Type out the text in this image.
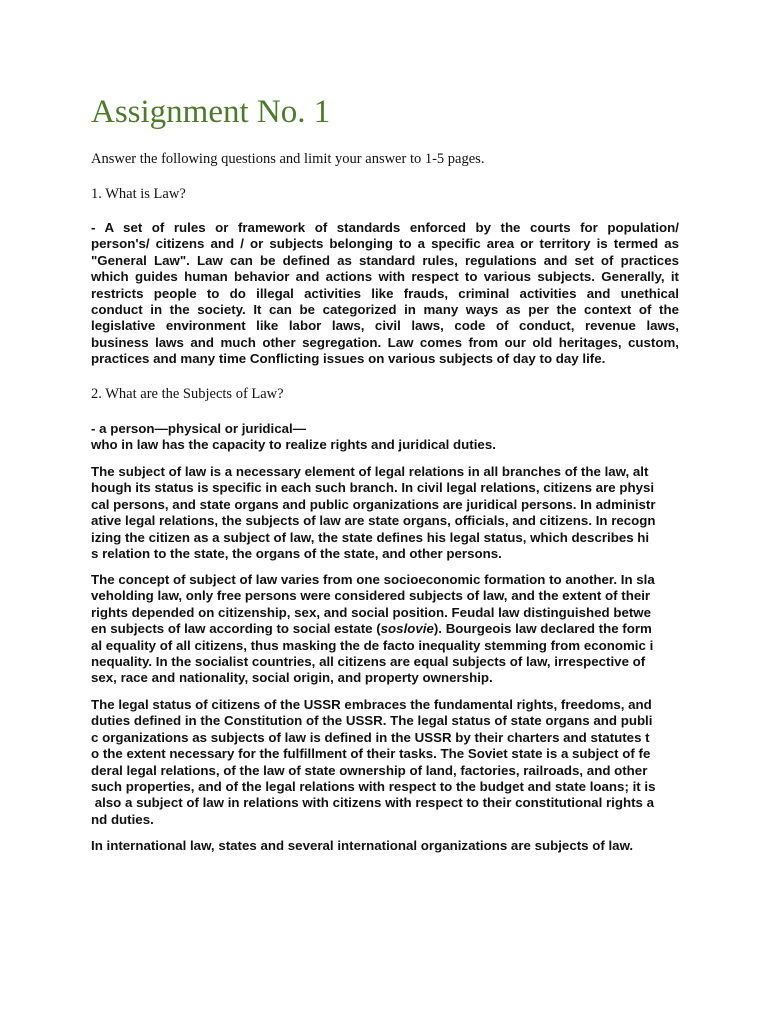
Assignment No. 1
Answer the following questions and limit your answer to 1-5 pages.
1. What is Law?
- A set of rules or framework of standards enforced by the courts for population/
person's/ citizens and / or subjects belonging to a specific area or territory is termed as
"General Law". Law can be defined as standard rules, regulations and set of practices
which guides human behavior and actions with respect to various subjects. Generally, it
restricts people to do illegal activities like frauds, criminal activities and unethical
conduct in the society. It can be categorized in many ways as per the context of the
legislative environment like labor laws, civil laws, code of conduct, revenue laws,
business laws and much other segregation. Law comes from our old heritages, custom,
practices and many time Conflicting issues on various subjects of day to day life.
2. What are the Subjects of Law?
- a person—physical or juridical—
who in law has the capacity to realize rights and juridical duties.
The subject of law is a necessary element of legal relations in all branches of the law, alt
hough its status is specific in each such branch. In civil legal relations, citizens are physi
cal persons, and state organs and public organizations are juridical persons. In administr
ative legal relations, the subjects of law are state organs, officials, and citizens. In recogn
izing the citizen as a subject of law, the state defines his legal status, which describes hi
s relation to the state, the organs of the state, and other persons.
The concept of subject of law varies from one socioeconomic formation to another. In sla
veholding law, only free persons were considered subjects of law, and the extent of their
rights depended on citizenship, sex, and social position. Feudal law distinguished betwe
en subjects of law according to social estate (soslovie). Bourgeois law declared the form
al equality of all citizens, thus masking the de facto inequality stemming from economic i
nequality. In the socialist countries, all citizens are equal subjects of law, irrespective of
sex, race and nationality, social origin, and property ownership.
The legal status of citizens of the USSR embraces the fundamental rights, freedoms, and
duties defined in the Constitution of the USSR. The legal status of state organs and publi
c organizations as subjects of law is defined in the USSR by their charters and statutes t
o the extent necessary for the fulfillment of their tasks. The Soviet state is a subject of fe
deral legal relations, of the law of state ownership of land, factories, railroads, and other
such properties, and of the legal relations with respect to the budget and state loans; it is
also a subject of law in relations with citizens with respect to their constitutional rights a
nd duties.
In international law, states and several international organizations are subjects of law.
